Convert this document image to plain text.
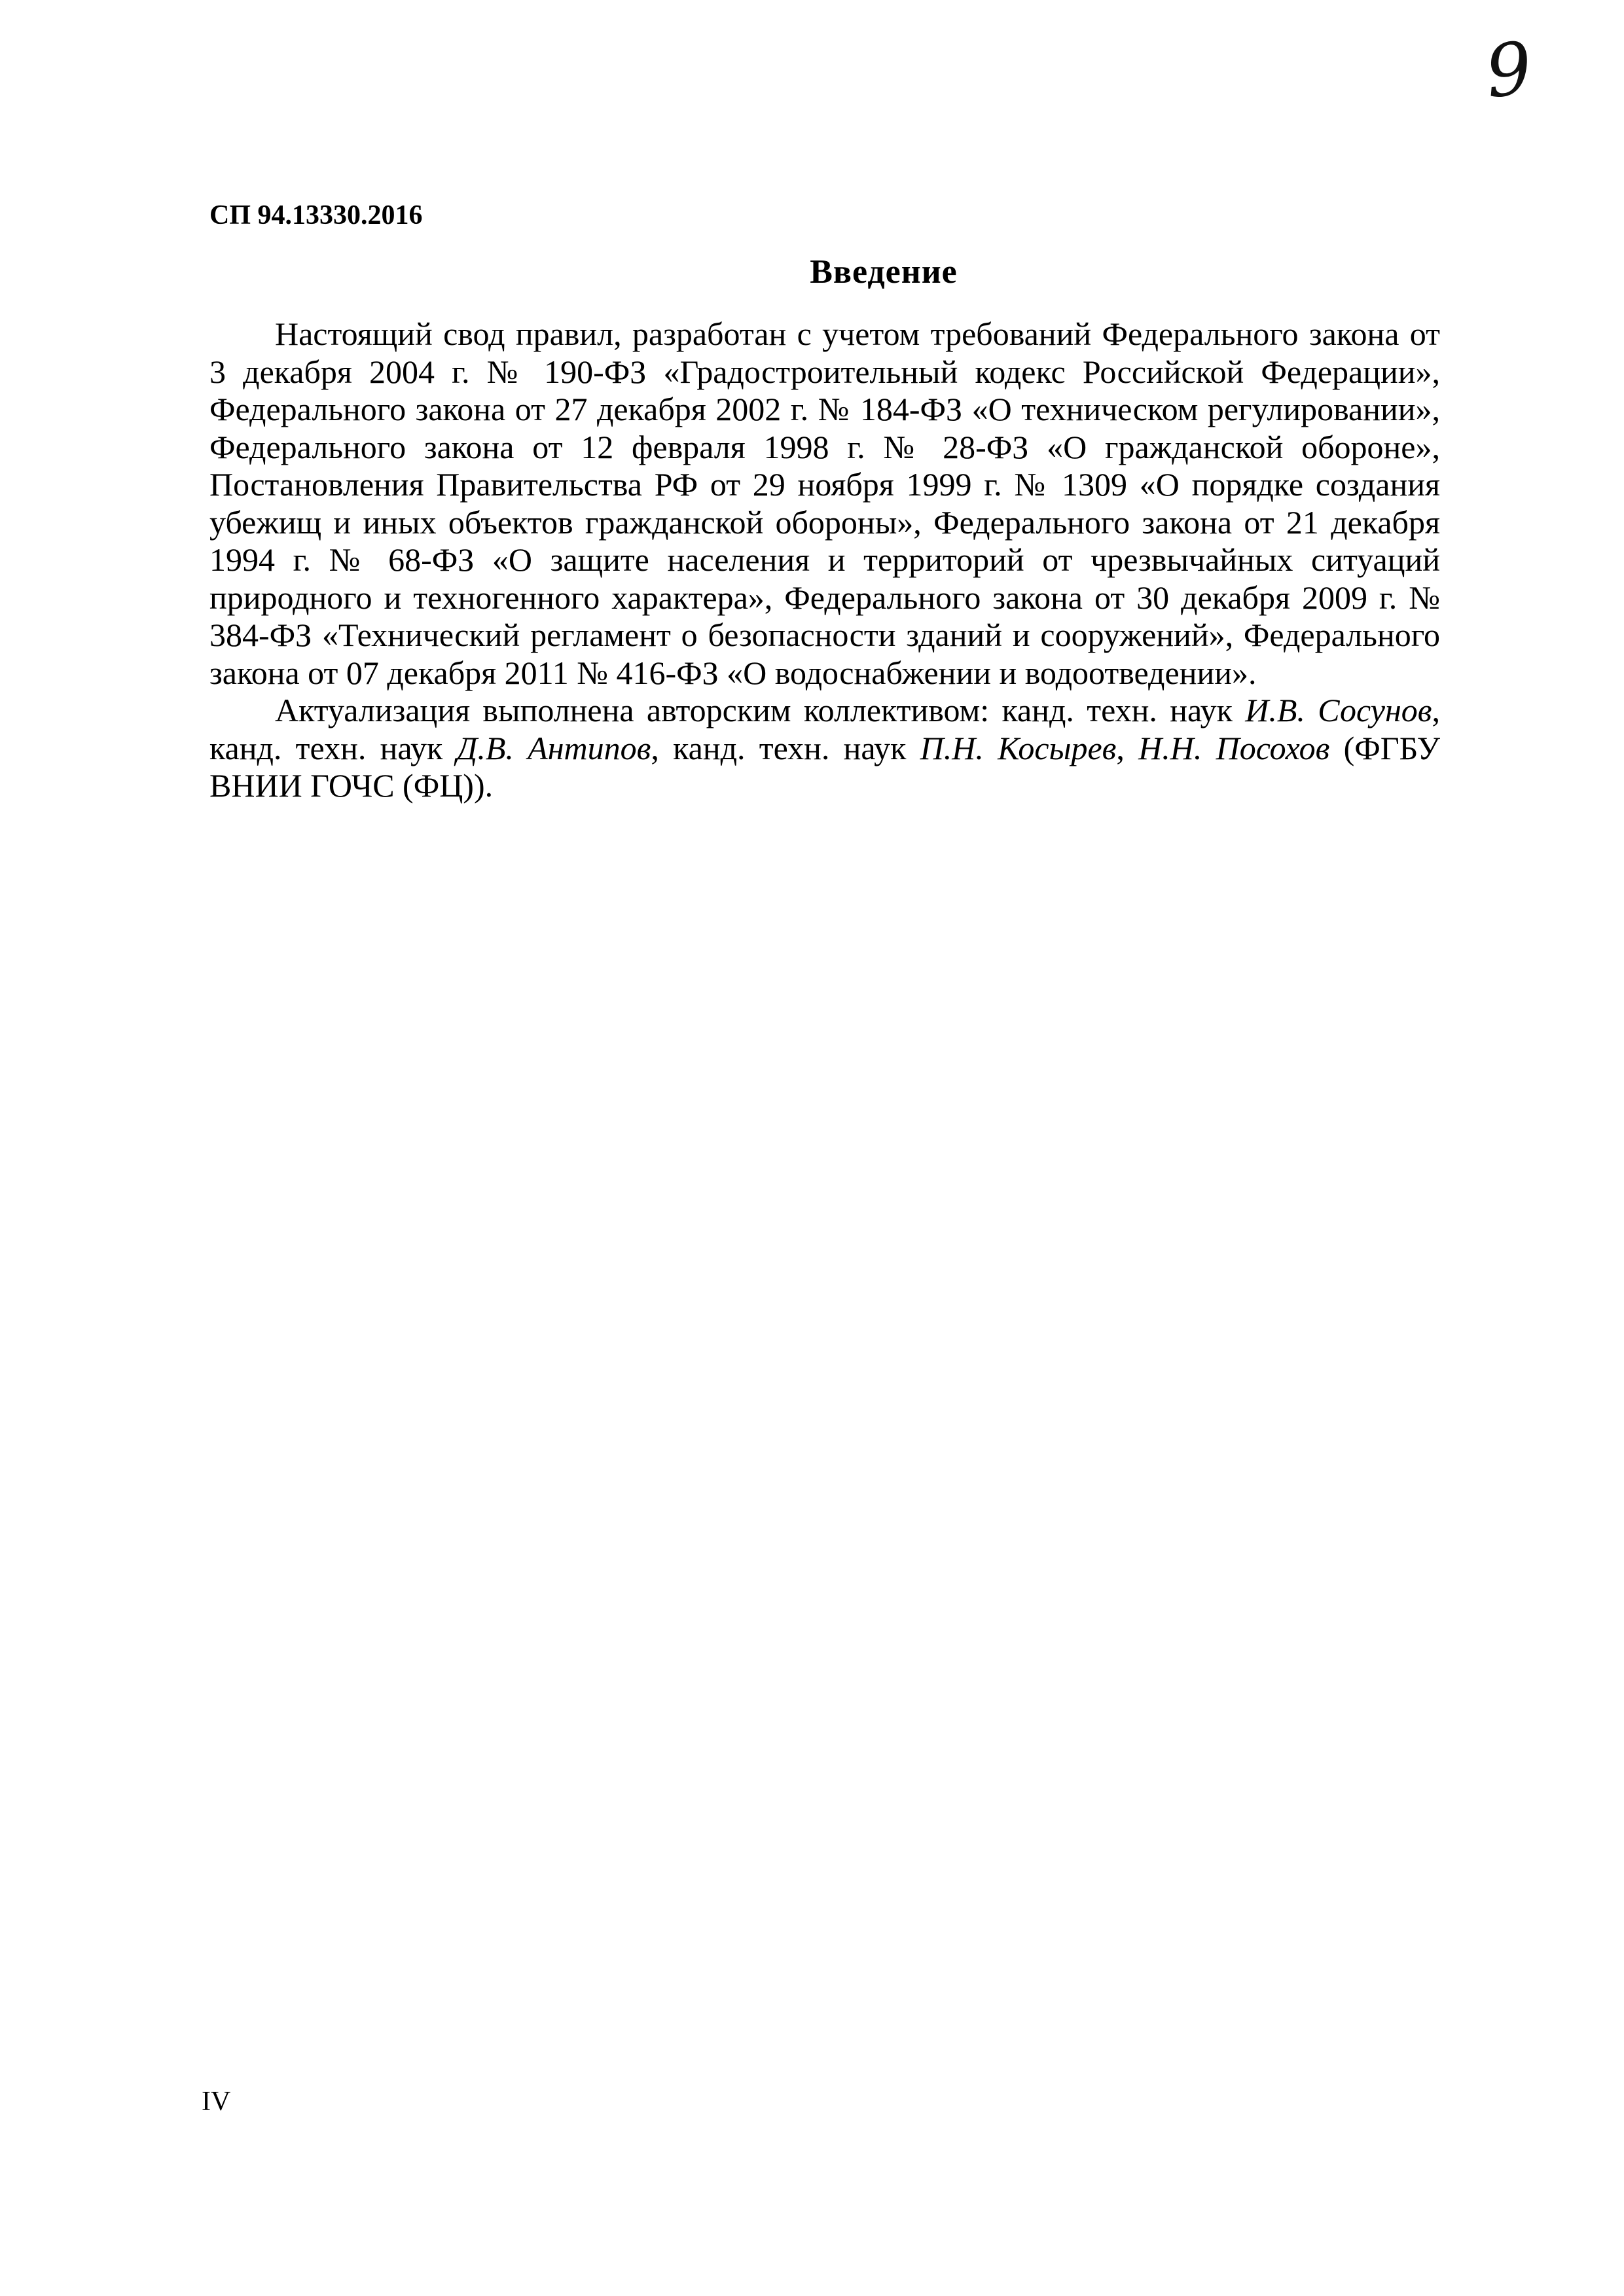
9
СП 94.13330.2016
Введение

Настоящий свод правил, разработан с учетом требований Федерального закона от 3 декабря 2004 г. № 190-ФЗ «Градостроительный кодекс Российской Федерации», Федерального закона от 27 декабря 2002 г. № 184-ФЗ «О техническом регулировании», Федерального закона от 12 февраля 1998 г. № 28-ФЗ «О гражданской обороне», Постановления Правительства РФ от 29 ноября 1999 г. № 1309 «О порядке создания убежищ и иных объектов гражданской обороны», Федерального закона от 21 декабря 1994 г. № 68-ФЗ «О защите населения и территорий от чрезвычайных ситуаций природного и техногенного характера», Федерального закона от 30 декабря 2009 г. № 384-ФЗ «Технический регламент о безопасности зданий и сооружений», Федерального закона от 07 декабря 2011 № 416-ФЗ «О водоснабжении и водоотведении».

Актуализация выполнена авторским коллективом: канд. техн. наук И.В. Сосунов, канд. техн. наук Д.В. Антипов, канд. техн. наук П.Н. Косырев, Н.Н. Посохов (ФГБУ ВНИИ ГОЧС (ФЦ)).

IV
